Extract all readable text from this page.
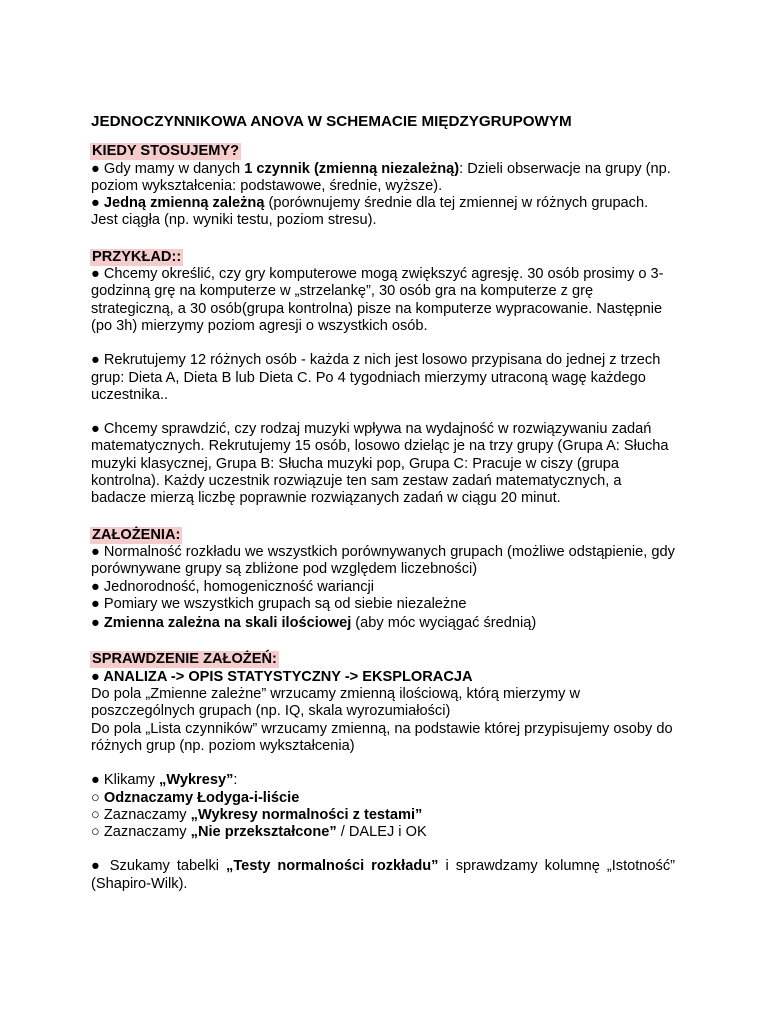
JEDNOCZYNNIKOWA ANOVA W SCHEMACIE MIĘDZYGRUPOWYM

KIEDY STOSUJEMY?

● Gdy mamy w danych 1 czynnik (zmienną niezależną): Dzieli obserwacje na grupy (np. poziom wykształcenia: podstawowe, średnie, wyższe).

● Jedną zmienną zależną (porównujemy średnie dla tej zmiennej w różnych grupach. Jest ciągła (np. wyniki testu, poziom stresu).

PRZYKŁAD::

● Chcemy określić, czy gry komputerowe mogą zwiększyć agresję. 30 osób prosimy o 3-godzinną grę na komputerze w „strzelankę”, 30 osób gra na komputerze z grę strategiczną, a 30 osób(grupa kontrolna) pisze na komputerze wypracowanie. Następnie (po 3h) mierzymy poziom agresji o wszystkich osób.

● Rekrutujemy 12 różnych osób - każda z nich jest losowo przypisana do jednej z trzech grup: Dieta A, Dieta B lub Dieta C. Po 4 tygodniach mierzymy utraconą wagę każdego uczestnika..

● Chcemy sprawdzić, czy rodzaj muzyki wpływa na wydajność w rozwiązywaniu zadań matematycznych. Rekrutujemy 15 osób, losowo dzieląc je na trzy grupy (Grupa A: Słucha muzyki klasycznej, Grupa B: Słucha muzyki pop, Grupa C: Pracuje w ciszy (grupa kontrolna). Każdy uczestnik rozwiązuje ten sam zestaw zadań matematycznych, a badacze mierzą liczbę poprawnie rozwiązanych zadań w ciągu 20 minut.

ZAŁOŻENIA:

● Normalność rozkładu we wszystkich porównywanych grupach (możliwe odstąpienie, gdy porównywane grupy są zbliżone pod względem liczebności)

● Jednorodność, homogeniczność wariancji

● Pomiary we wszystkich grupach są od siebie niezależne

● Zmienna zależna na skali ilościowej (aby móc wyciągać średnią)

SPRAWDZENIE ZAŁOŻEŃ:

● ANALIZA -> OPIS STATYSTYCZNY -> EKSPLORACJA

Do pola „Zmienne zależne” wrzucamy zmienną ilościową, którą mierzymy w poszczególnych grupach (np. IQ, skala wyrozumiałości)

Do pola „Lista czynników” wrzucamy zmienną, na podstawie której przypisujemy osoby do różnych grup (np. poziom wykształcenia)

● Klikamy „Wykresy”:

○ Odznaczamy Łodyga-i-liście

○ Zaznaczamy „Wykresy normalności z testami”

○ Zaznaczamy „Nie przekształcone” / DALEJ i OK

● Szukamy tabelki „Testy normalności rozkładu” i sprawdzamy kolumnę „Istotność” (Shapiro-Wilk).
